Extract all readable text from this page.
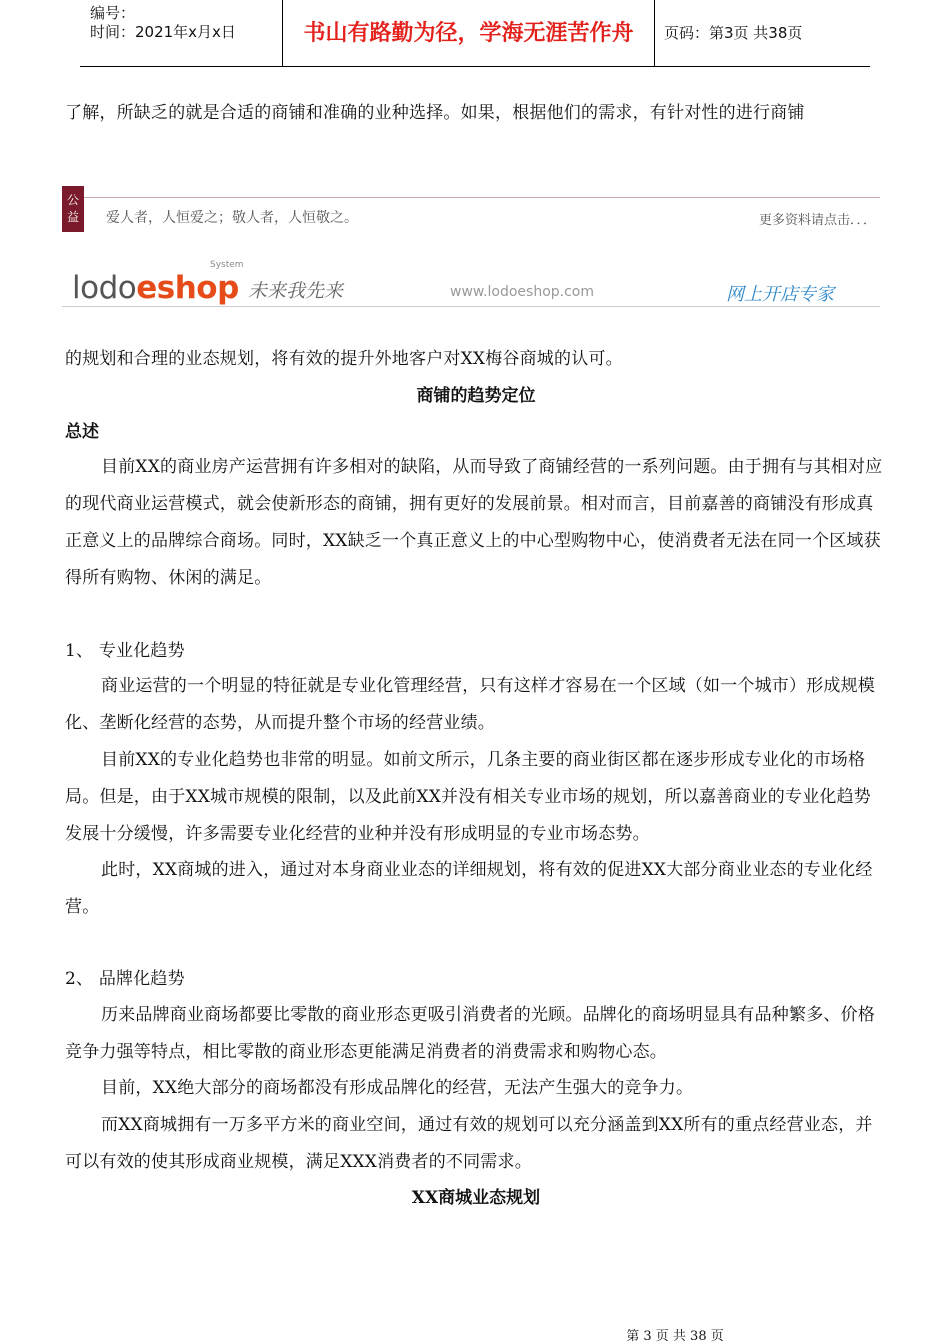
编号：
时间：2021年x月x日	书山有路勤为径，学海无涯苦作舟	页码：第3页 共38页

了解，所缺乏的就是合适的商铺和准确的业种选择。如果，根据他们的需求，有针对性的进行商铺

公益	爱人者，人恒爱之；敬人者，人恒敬之。	更多资料请点击．．．
lodoeshop
System
未来我先来	www.lodoeshop.com	网上开店专家

的规划和合理的业态规划，将有效的提升外地客户对XX梅谷商城的认可。

商铺的趋势定位

总述

目前XX的商业房产运营拥有许多相对的缺陷，从而导致了商铺经营的一系列问题。由于拥有与其相对应的现代商业运营模式，就会使新形态的商铺，拥有更好的发展前景。相对而言，目前嘉善的商铺没有形成真正意义上的品牌综合商场。同时，XX缺乏一个真正意义上的中心型购物中心，使消费者无法在同一个区域获得所有购物、休闲的满足。

1、 专业化趋势

商业运营的一个明显的特征就是专业化管理经营，只有这样才容易在一个区域（如一个城市）形成规模化、垄断化经营的态势，从而提升整个市场的经营业绩。

目前XX的专业化趋势也非常的明显。如前文所示，几条主要的商业街区都在逐步形成专业化的市场格局。但是，由于XX城市规模的限制，以及此前XX并没有相关专业市场的规划，所以嘉善商业的专业化趋势发展十分缓慢，许多需要专业化经营的业种并没有形成明显的专业市场态势。

此时，XX商城的进入，通过对本身商业业态的详细规划，将有效的促进XX大部分商业业态的专业化经营。

2、 品牌化趋势

历来品牌商业商场都要比零散的商业形态更吸引消费者的光顾。品牌化的商场明显具有品种繁多、价格竞争力强等特点，相比零散的商业形态更能满足消费者的消费需求和购物心态。

目前，XX绝大部分的商场都没有形成品牌化的经营，无法产生强大的竞争力。

而XX商城拥有一万多平方米的商业空间，通过有效的规划可以充分涵盖到XX所有的重点经营业态，并可以有效的使其形成商业规模，满足XXX消费者的不同需求。

XX商城业态规划

第 3 页 共 38 页
